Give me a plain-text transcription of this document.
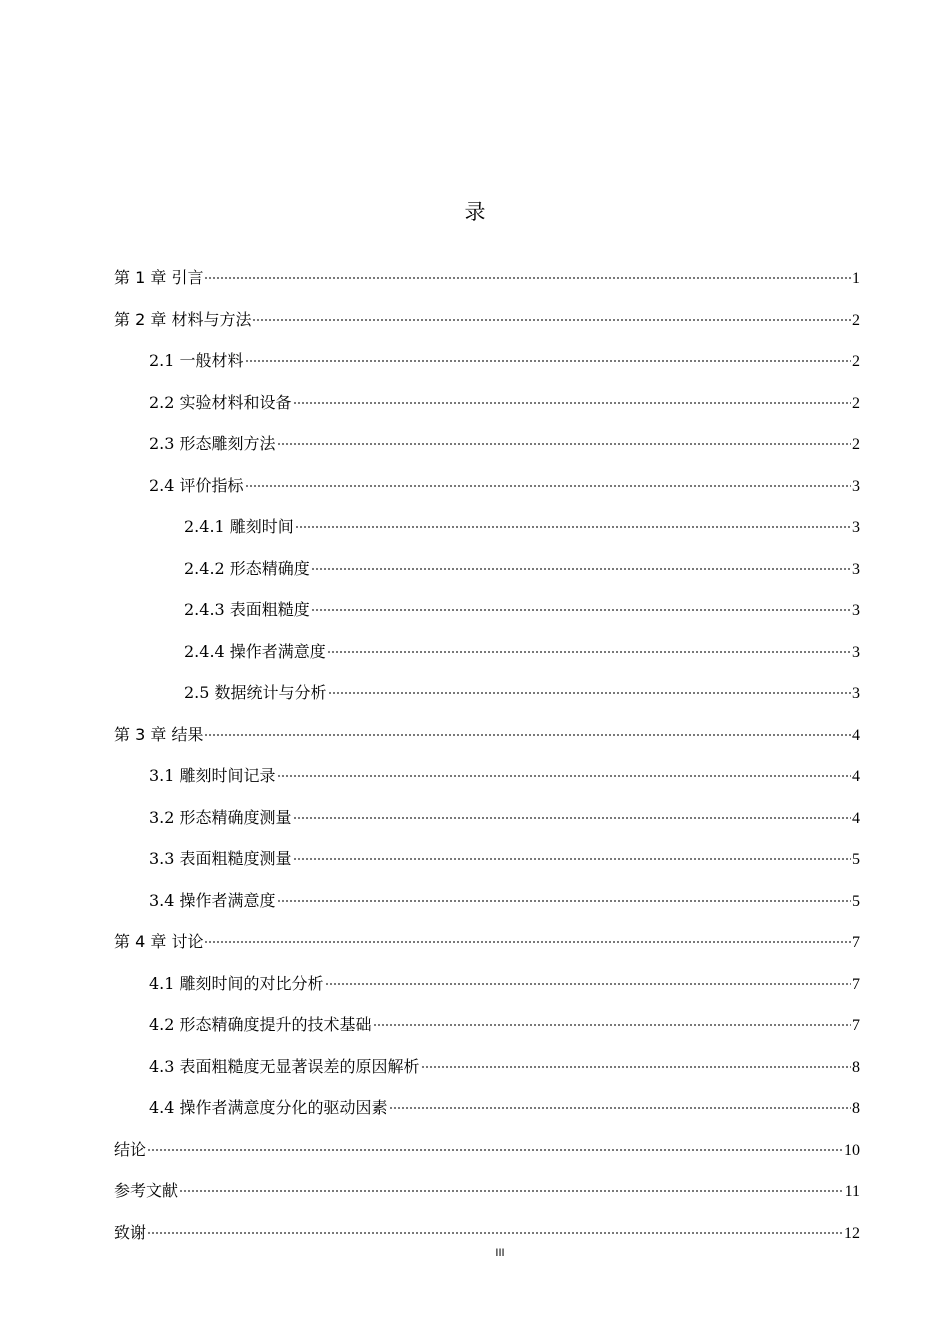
录
第 1 章 引言	1
第 2 章 材料与方法	2
2.1 一般材料	2
2.2 实验材料和设备	2
2.3 形态雕刻方法	2
2.4 评价指标	3
2.4.1 雕刻时间	3
2.4.2 形态精确度	3
2.4.3 表面粗糙度	3
2.4.4 操作者满意度	3
2.5 数据统计与分析	3
第 3 章 结果	4
3.1 雕刻时间记录	4
3.2 形态精确度测量	4
3.3 表面粗糙度测量	5
3.4 操作者满意度	5
第 4 章 讨论	7
4.1 雕刻时间的对比分析	7
4.2 形态精确度提升的技术基础	7
4.3 表面粗糙度无显著误差的原因解析	8
4.4 操作者满意度分化的驱动因素	8
结论	10
参考文献	11
致谢	12
III
